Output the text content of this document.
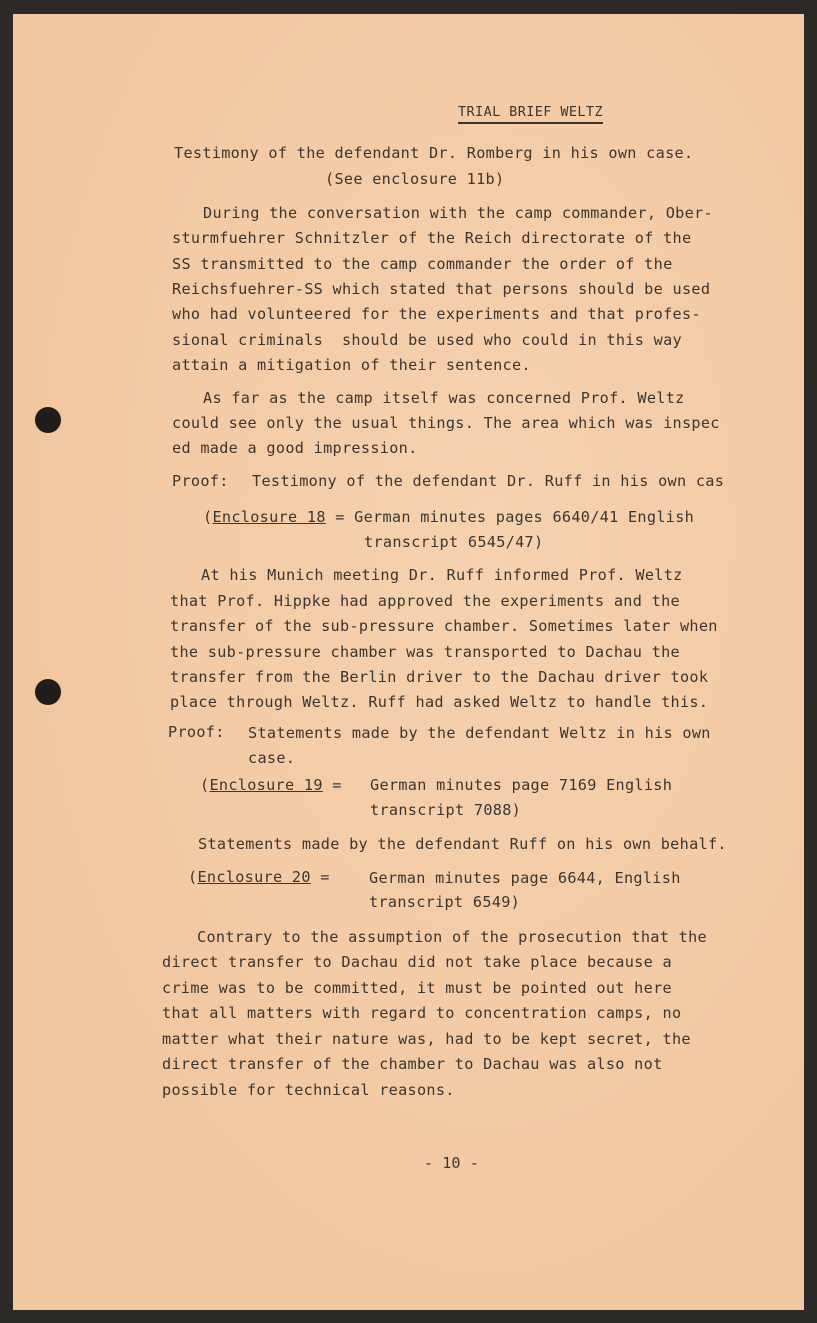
TRIAL BRIEF WELTZ
Testimony of the defendant Dr. Romberg in his own case.
(See enclosure 11b)
During the conversation with the camp commander, Ober-
sturmfuehrer Schnitzler of the Reich directorate of the
SS transmitted to the camp commander the order of the
Reichsfuehrer-SS which stated that persons should be used
who had volunteered for the experiments and that profes-
sional criminals  should be used who could in this way
attain a mitigation of their sentence.
As far as the camp itself was concerned Prof. Weltz
could see only the usual things. The area which was inspec
ed made a good impression.
Proof: Testimony of the defendant Dr. Ruff in his own cas
(Enclosure 18 = German minutes pages 6640/41 English
transcript 6545/47)
At his Munich meeting Dr. Ruff informed Prof. Weltz
that Prof. Hippke had approved the experiments and the
transfer of the sub-pressure chamber. Sometimes later when
the sub-pressure chamber was transported to Dachau the
transfer from the Berlin driver to the Dachau driver took
place through Weltz. Ruff had asked Weltz to handle this.
Proof: Statements made by the defendant Weltz in his own
case.
(Enclosure 19 = German minutes page 7169 English
transcript 7088)
Statements made by the defendant Ruff on his own behalf.
(Enclosure 20 =	German minutes page 6644, English
transcript 6549)
Contrary to the assumption of the prosecution that the
direct transfer to Dachau did not take place because a
crime was to be committed, it must be pointed out here
that all matters with regard to concentration camps, no
matter what their nature was, had to be kept secret, the
direct transfer of the chamber to Dachau was also not
possible for technical reasons.
- 10 -
